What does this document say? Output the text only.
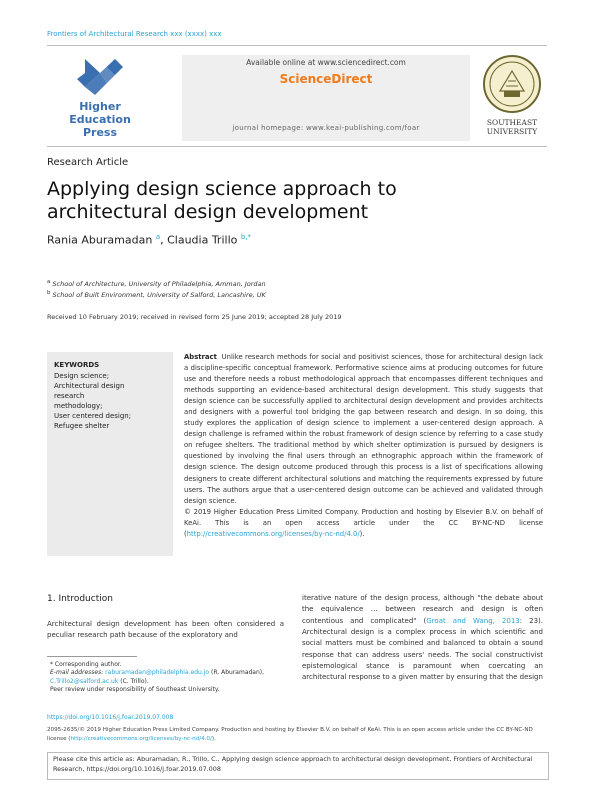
Frontiers of Architectural Research xxx (xxxx) xxx
Higher
Education
Press
Available online at www.sciencedirect.com
ScienceDirect
journal homepage: www.keai-publishing.com/foar
SOUTHEAST
UNIVERSITY
Research Article
Applying design science approach to
architectural design development
Rania Aburamadan $^a$, Claudia Trillo $^{b,*}$
$^a$ School of Architecture, University of Philadelphia, Amman, Jordan
$^b$ School of Built Environment, University of Salford, Lancashire, UK
Received 10 February 2019; received in revised form 25 June 2019; accepted 28 July 2019
KEYWORDS
Design science;
Architectural design
research
methodology;
User centered design;
Refugee shelter
Abstract Unlike research methods for social and positivist sciences, those for architectural design lack a discipline-specific conceptual framework. Performative science aims at producing outcomes for future use and therefore needs a robust methodological approach that encompasses different techniques and methods supporting an evidence-based architectural design development. This study suggests that design science can be successfully applied to architectural design development and provides architects and designers with a powerful tool bridging the gap between research and design. In so doing, this study explores the application of design science to implement a user-centered design approach. A design challenge is reframed within the robust framework of design science by referring to a case study on refugee shelters. The traditional method by which shelter optimization is pursued by designers is questioned by involving the final users through an ethnographic approach within the framework of design science. The design outcome produced through this process is a list of specifications allowing designers to create different architectural solutions and matching the requirements expressed by future users. The authors argue that a user-centered design outcome can be achieved and validated through design science.
© 2019 Higher Education Press Limited Company. Production and hosting by Elsevier B.V. on behalf of KeAi. This is an open access article under the CC BY-NC-ND license (http://creativecommons.org/licenses/by-nc-nd/4.0/).
1. Introduction
Architectural design development has been often considered a peculiar research path because of the exploratory and
iterative nature of the design process, although "the debate about the equivalence … between research and design is often contentious and complicated" (Groat and Wang, 2013: 23). Architectural design is a complex process in which scientific and social matters must be combined and balanced to obtain a sound response that can address users' needs. The social constructivist epistemological stance is paramount when coercating an architectural response to a given matter by ensuring that the design
* Corresponding author.
E-mail addresses: raburamadan@philadelphia.edu.jo (R. Aburamadan), C.Trillo2@salford.ac.uk (C. Trillo).
Peer review under responsibility of Southeast University.
https://doi.org/10.1016/j.foar.2019.07.008
2095-2635/© 2019 Higher Education Press Limited Company. Production and hosting by Elsevier B.V. on behalf of KeAi. This is an open access article under the CC BY-NC-ND license (http://creativecommons.org/licenses/by-nc-nd/4.0/).
Please cite this article as: Aburamadan, R., Trillo, C., Applying design science approach to architectural design development, Frontiers of Architectural Research, https://doi.org/10.1016/j.foar.2019.07.008
